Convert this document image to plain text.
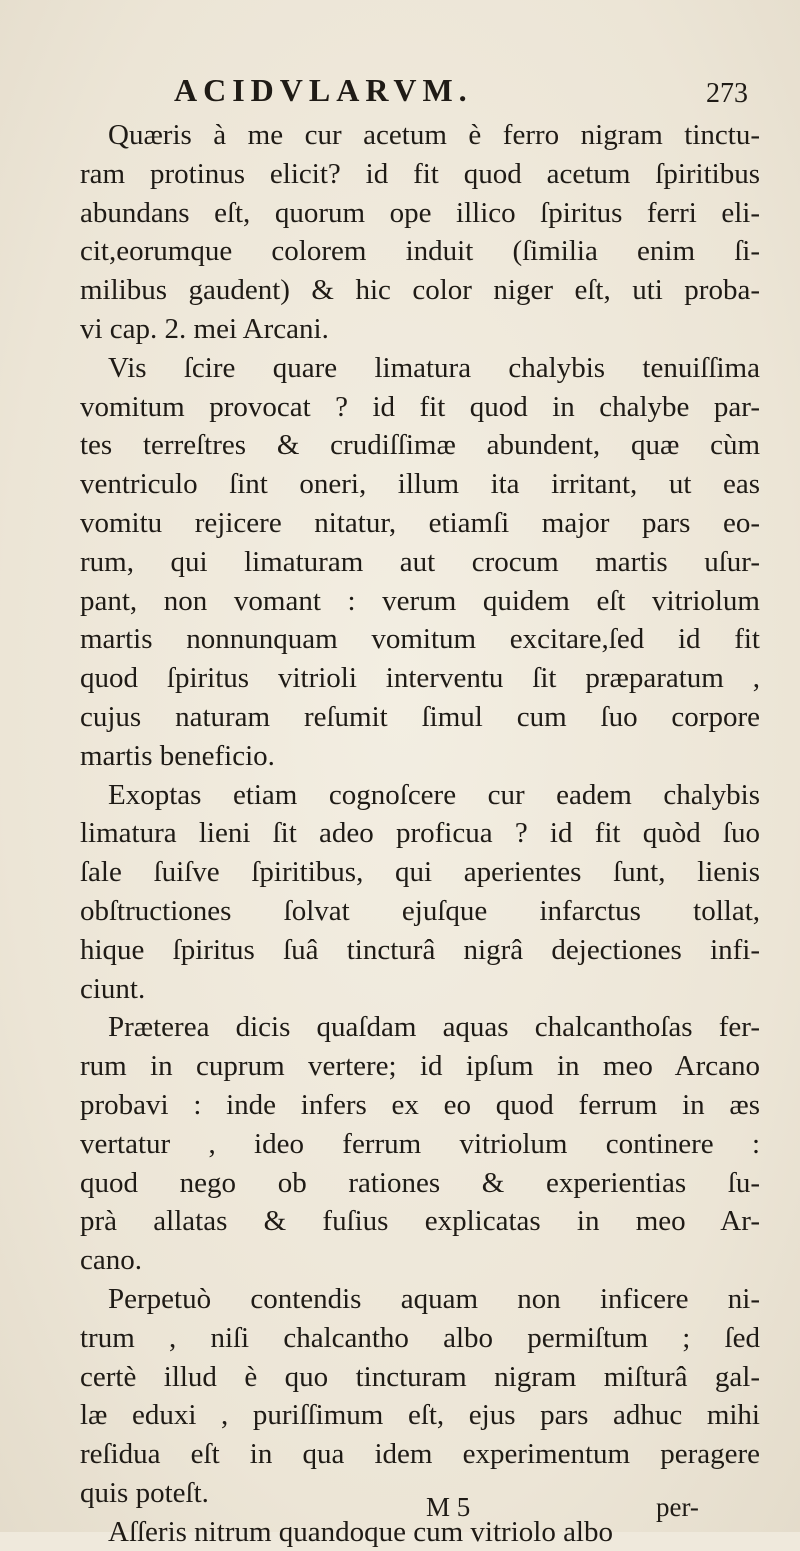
ACIDVLARVM.	273
Quæris à me cur acetum è ferro nigram tinctu-
ram protinus elicit? id fit quod acetum ſpiritibus
abundans eſt, quorum ope illico ſpiritus ferri eli-
cit,eorumque colorem induit (ſimilia enim ſi-
milibus gaudent) & hic color niger eſt, uti proba-
vi cap. 2. mei Arcani.
Vis ſcire quare limatura chalybis tenuiſſima
vomitum provocat ? id fit quod in chalybe par-
tes terreſtres & crudiſſimæ abundent, quæ cùm
ventriculo ſint oneri, illum ita irritant, ut eas
vomitu rejicere nitatur, etiamſi major pars eo-
rum, qui limaturam aut crocum martis uſur-
pant, non vomant : verum quidem eſt vitriolum
martis nonnunquam vomitum excitare,ſed id fit
quod ſpiritus vitrioli interventu ſit præparatum ,
cujus naturam reſumit ſimul cum ſuo corpore
martis beneficio.
Exoptas etiam cognoſcere cur eadem chalybis
limatura lieni ſit adeo proficua ? id fit quòd ſuo
ſale ſuiſve ſpiritibus, qui aperientes ſunt, lienis
obſtructiones ſolvat ejuſque infarctus tollat,
hique ſpiritus ſuâ tincturâ nigrâ dejectiones infi-
ciunt.
Præterea dicis quaſdam aquas chalcanthoſas fer-
rum in cuprum vertere; id ipſum in meo Arcano
probavi : inde infers ex eo quod ferrum in æs
vertatur , ideo ferrum vitriolum continere :
quod nego ob rationes & experientias ſu-
prà allatas & fuſius explicatas in meo Ar-
cano.
Perpetuò contendis aquam non inficere ni-
trum , niſi chalcantho albo permiſtum ; ſed
certè illud è quo tincturam nigram miſturâ gal-
læ eduxi , puriſſimum eſt, ejus pars adhuc mihi
reſidua eſt in qua idem experimentum peragere
quis poteſt.
Aſſeris nitrum quandoque cum vitriolo albo
M 5	per-
